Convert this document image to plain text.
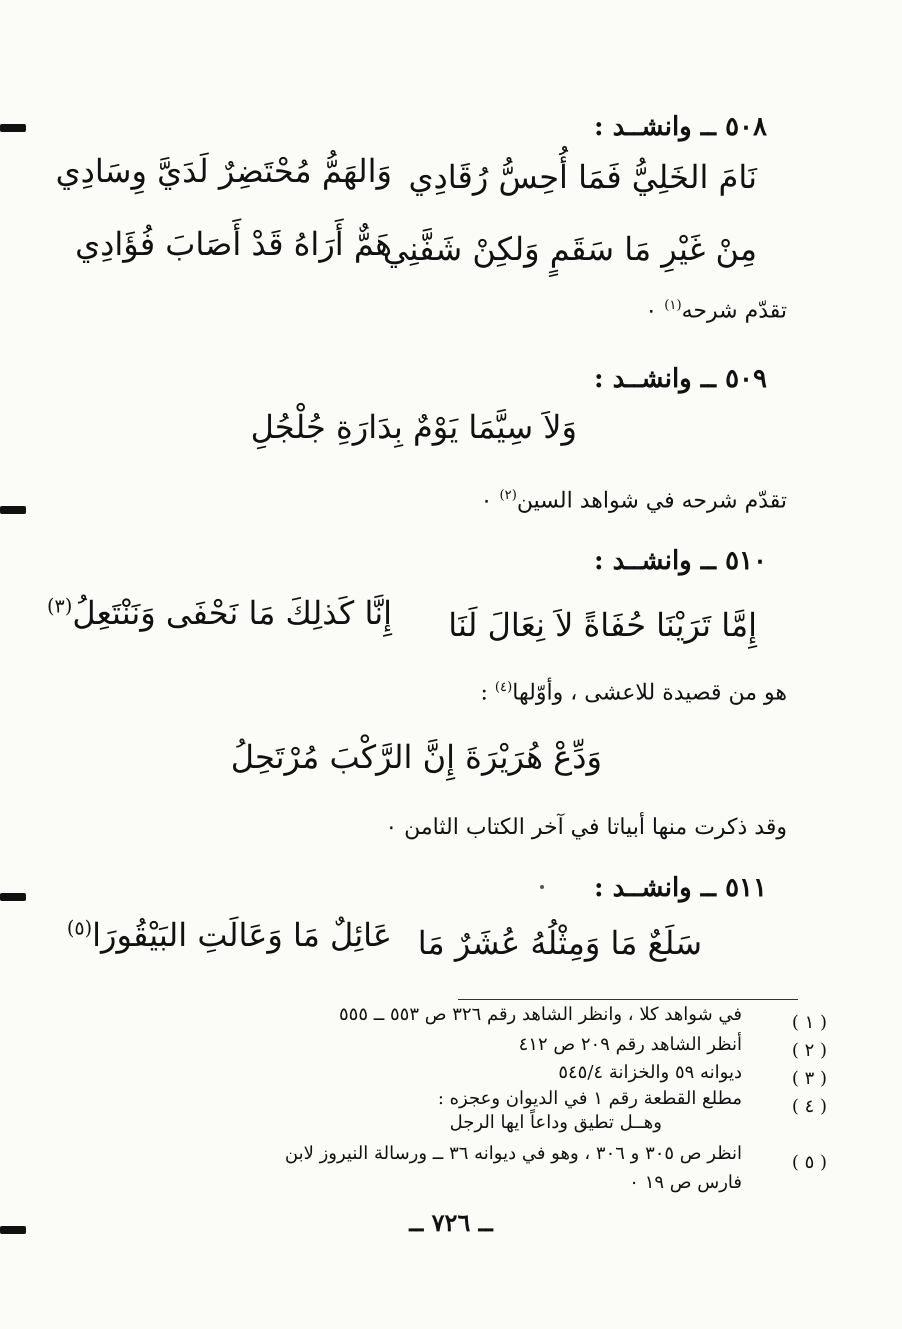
٥٠٨ ــ وانشــد :
نَامَ الخَلِيُّ فَمَا أُحِسُّ رُقَادِي
وَالهَمُّ مُحْتَضِرٌ لَدَيَّ وِسَادِي
مِنْ غَيْرِ مَا سَقَمٍ وَلكِنْ شَفَّنِي
هَمٌّ أَرَاهُ قَدْ أَصَابَ فُؤَادِي
تقدّم شرحه$^{(١)}$ ٠
٥٠٩ ــ وانشــد :
وَلاَ سِيَّمَا يَوْمٌ بِدَارَةِ جُلْجُلِ
تقدّم شرحه في شواهد السين$^{(٢)}$ ٠
٥١٠ ــ وانشــد :
إِمَّا تَرَيْنَا حُفَاةً لاَ نِعَالَ لَنَا
إِنَّا كَذلِكَ مَا نَحْفَى وَنَنْتَعِلُ$^{(٣)}$
هو من قصيدة للاعشى ، وأوّلها$^{(٤)}$ :
وَدِّعْ هُرَيْرَةَ إِنَّ الرَّكْبَ مُرْتَحِلُ
وقد ذكرت منها أبياتا في آخر الكتاب الثامن ٠
٥١١ ــ وانشــد :
سَلَعٌ مَا وَمِثْلُهُ عُشَرٌ مَا
عَائِلٌ مَا وَعَالَتِ البَيْقُورَا$^{(٥)}$
( ١ )
في شواهد كلا ، وانظر الشاهد رقم ٣٢٦ ص ٥٥٣ ــ ٥٥٥
( ٢ )
أنظر الشاهد رقم ٢٠٩ ص ٤١٢
( ٣ )
ديوانه ٥٩ والخزانة ٥٤٥/٤
( ٤ )
مطلع القطعة رقم ١ في الديوان وعجزه :
وهــل تطيق وداعاً ايها الرجل
( ٥ )
انظر ص ٣٠٥ و ٣٠٦ ، وهو في ديوانه ٣٦ ــ ورسالة النيروز لابن
فارس ص ١٩ ٠
ــ ٧٢٦ ــ
